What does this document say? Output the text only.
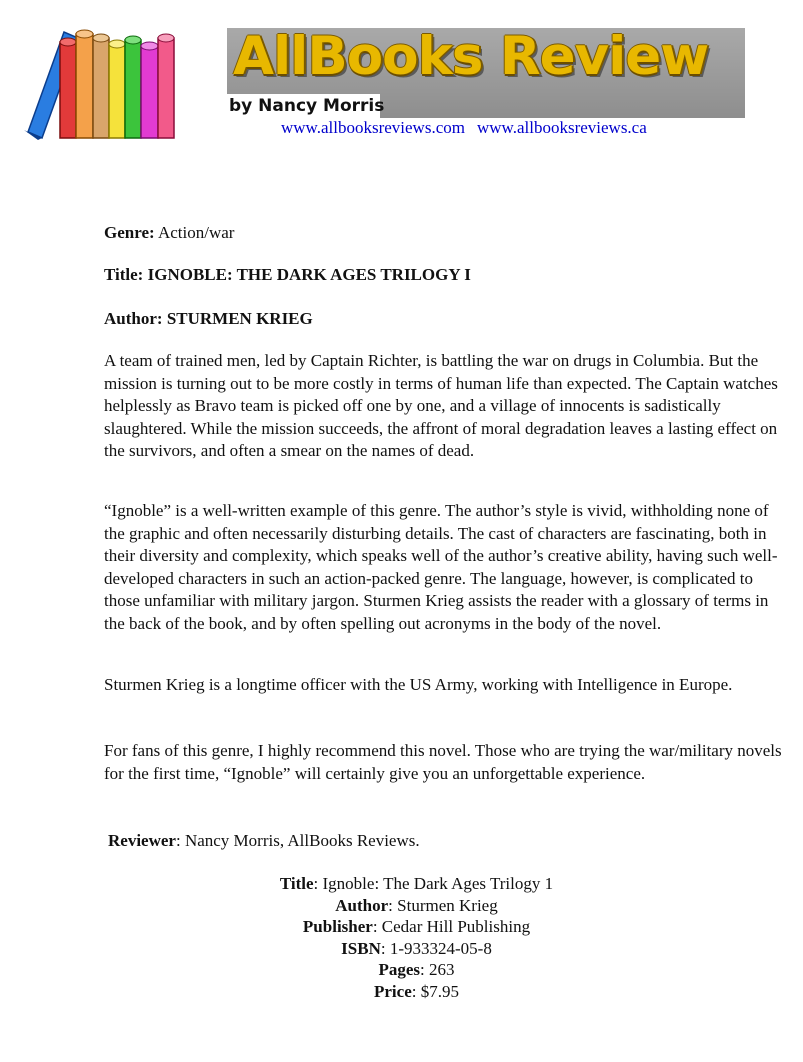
AllBooks Review
by Nancy Morris
www.allbooksreviews.com www.allbooksreviews.ca
Genre: Action/war
Title: IGNOBLE: THE DARK AGES TRILOGY I
Author: STURMEN KRIEG

A team of trained men, led by Captain Richter, is battling the war on drugs in Columbia. But the mission is turning out to be more costly in terms of human life than expected. The Captain watches helplessly as Bravo team is picked off one by one, and a village of innocents is sadistically slaughtered. While the mission succeeds, the affront of moral degradation leaves a lasting effect on the survivors, and often a smear on the names of dead.

“Ignoble” is a well-written example of this genre. The author’s style is vivid, withholding none of the graphic and often necessarily disturbing details. The cast of characters are fascinating, both in their diversity and complexity, which speaks well of the author’s creative ability, having such well-developed characters in such an action-packed genre. The language, however, is complicated to those unfamiliar with military jargon. Sturmen Krieg assists the reader with a glossary of terms in the back of the book, and by often spelling out acronyms in the body of the novel.

Sturmen Krieg is a longtime officer with the US Army, working with Intelligence in Europe.

For fans of this genre, I highly recommend this novel. Those who are trying the war/military novels for the first time, “Ignoble” will certainly give you an unforgettable experience.

Reviewer: Nancy Morris, AllBooks Reviews.
Title: Ignoble: The Dark Ages Trilogy 1
Author: Sturmen Krieg
Publisher: Cedar Hill Publishing
ISBN: 1-933324-05-8
Pages: 263
Price: $7.95
